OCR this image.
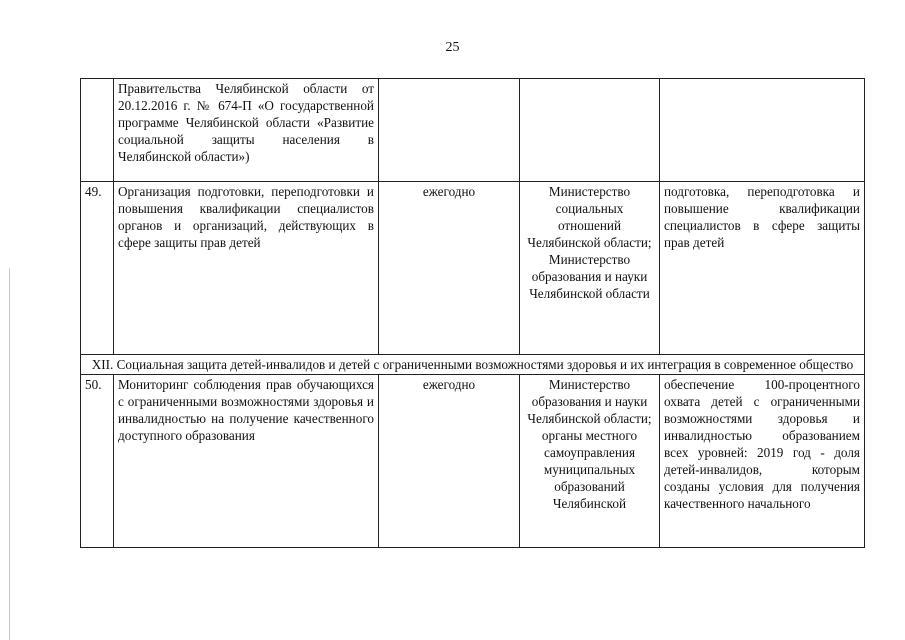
25
	Правительства Челябинской области от 20.12.2016 г. № 674-П «О государственной программе Челябинской области «Развитие социальной защиты населения в Челябинской области»)			
49.	Организация подготовки, переподготовки и повышения квалификации специалистов органов и организаций, действующих в сфере защиты прав детей	ежегодно	Министерство социальных отношений Челябинской области; Министерство образования и науки Челябинской области	подготовка, переподготовка и повышение квалификации специалистов в сфере защиты прав детей
XII. Социальная защита детей-инвалидов и детей с ограниченными возможностями здоровья и их интеграция в современное общество				
50.	Мониторинг соблюдения прав обучающихся с ограниченными возможностями здоровья и инвалидностью на получение качественного доступного образования	ежегодно	Министерство образования и науки Челябинской области; органы местного самоуправления муниципальных образований Челябинской	обеспечение 100-процентного охвата детей с ограниченными возможностями здоровья и инвалидностью образованием всех уровней: 2019 год - доля детей-инвалидов, которым созданы условия для получения качественного начального
